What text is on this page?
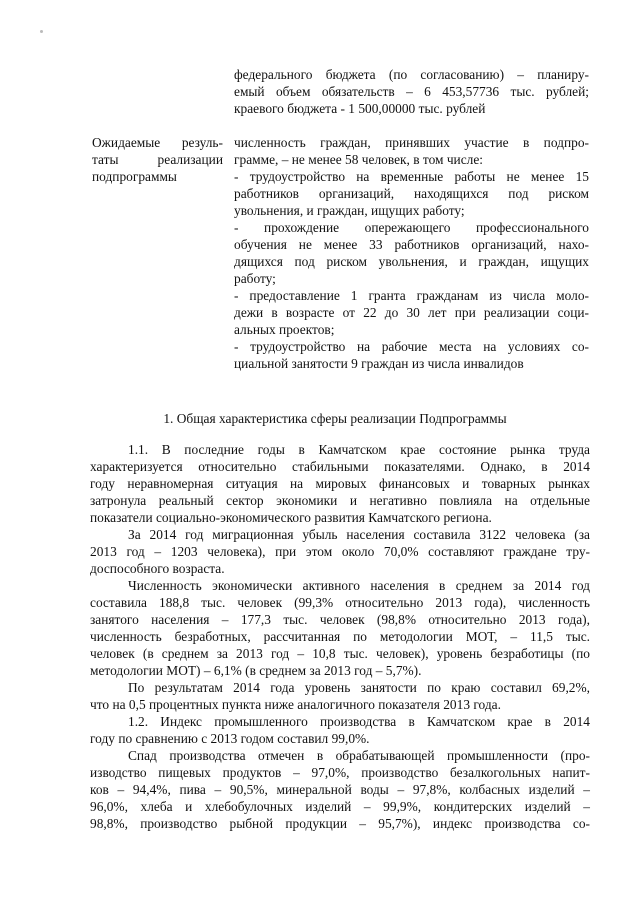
федерального бюджета (по согласованию) – планиру-
емый объем обязательств – 6 453,57736 тыс. рублей;
краевого бюджета - 1 500,00000 тыс. рублей
Ожидаемые резуль-
таты реализации
подпрограммы
численность граждан, принявших участие в подпро-
грамме, – не менее 58 человек, в том числе:
- трудоустройство на временные работы не менее 15
работников организаций, находящихся под риском
увольнения, и граждан, ищущих работу;
- прохождение опережающего профессионального
обучения не менее 33 работников организаций, нахо-
дящихся под риском увольнения, и граждан, ищущих
работу;
- предоставление 1 гранта гражданам из числа моло-
дежи в возрасте от 22 до 30 лет при реализации соци-
альных проектов;
- трудоустройство на рабочие места на условиях со-
циальной занятости 9 граждан из числа инвалидов
1. Общая характеристика сферы реализации Подпрограммы
1.1. В последние годы в Камчатском крае состояние рынка труда
характеризуется относительно стабильными показателями. Однако, в 2014
году неравномерная ситуация на мировых финансовых и товарных рынках
затронула реальный сектор экономики и негативно повлияла на отдельные
показатели социально-экономического развития Камчатского региона.
За 2014 год миграционная убыль населения составила 3122 человека (за
2013 год – 1203 человека), при этом около 70,0% составляют граждане тру-
доспособного возраста.
Численность экономически активного населения в среднем за 2014 год
составила 188,8 тыс. человек (99,3% относительно 2013 года), численность
занятого населения – 177,3 тыс. человек (98,8% относительно 2013 года),
численность безработных, рассчитанная по методологии МОТ, – 11,5 тыс.
человек (в среднем за 2013 год – 10,8 тыс. человек), уровень безработицы (по
методологии МОТ) – 6,1% (в среднем за 2013 год – 5,7%).
По результатам 2014 года уровень занятости по краю составил 69,2%,
что на 0,5 процентных пункта ниже аналогичного показателя 2013 года.
1.2. Индекс промышленного производства в Камчатском крае в 2014
году по сравнению с 2013 годом составил 99,0%.
Спад производства отмечен в обрабатывающей промышленности (про-
изводство пищевых продуктов – 97,0%, производство безалкогольных напит-
ков – 94,4%, пива – 90,5%, минеральной воды – 97,8%, колбасных изделий –
96,0%, хлеба и хлебобулочных изделий – 99,9%, кондитерских изделий –
98,8%, производство рыбной продукции – 95,7%), индекс производства со-
